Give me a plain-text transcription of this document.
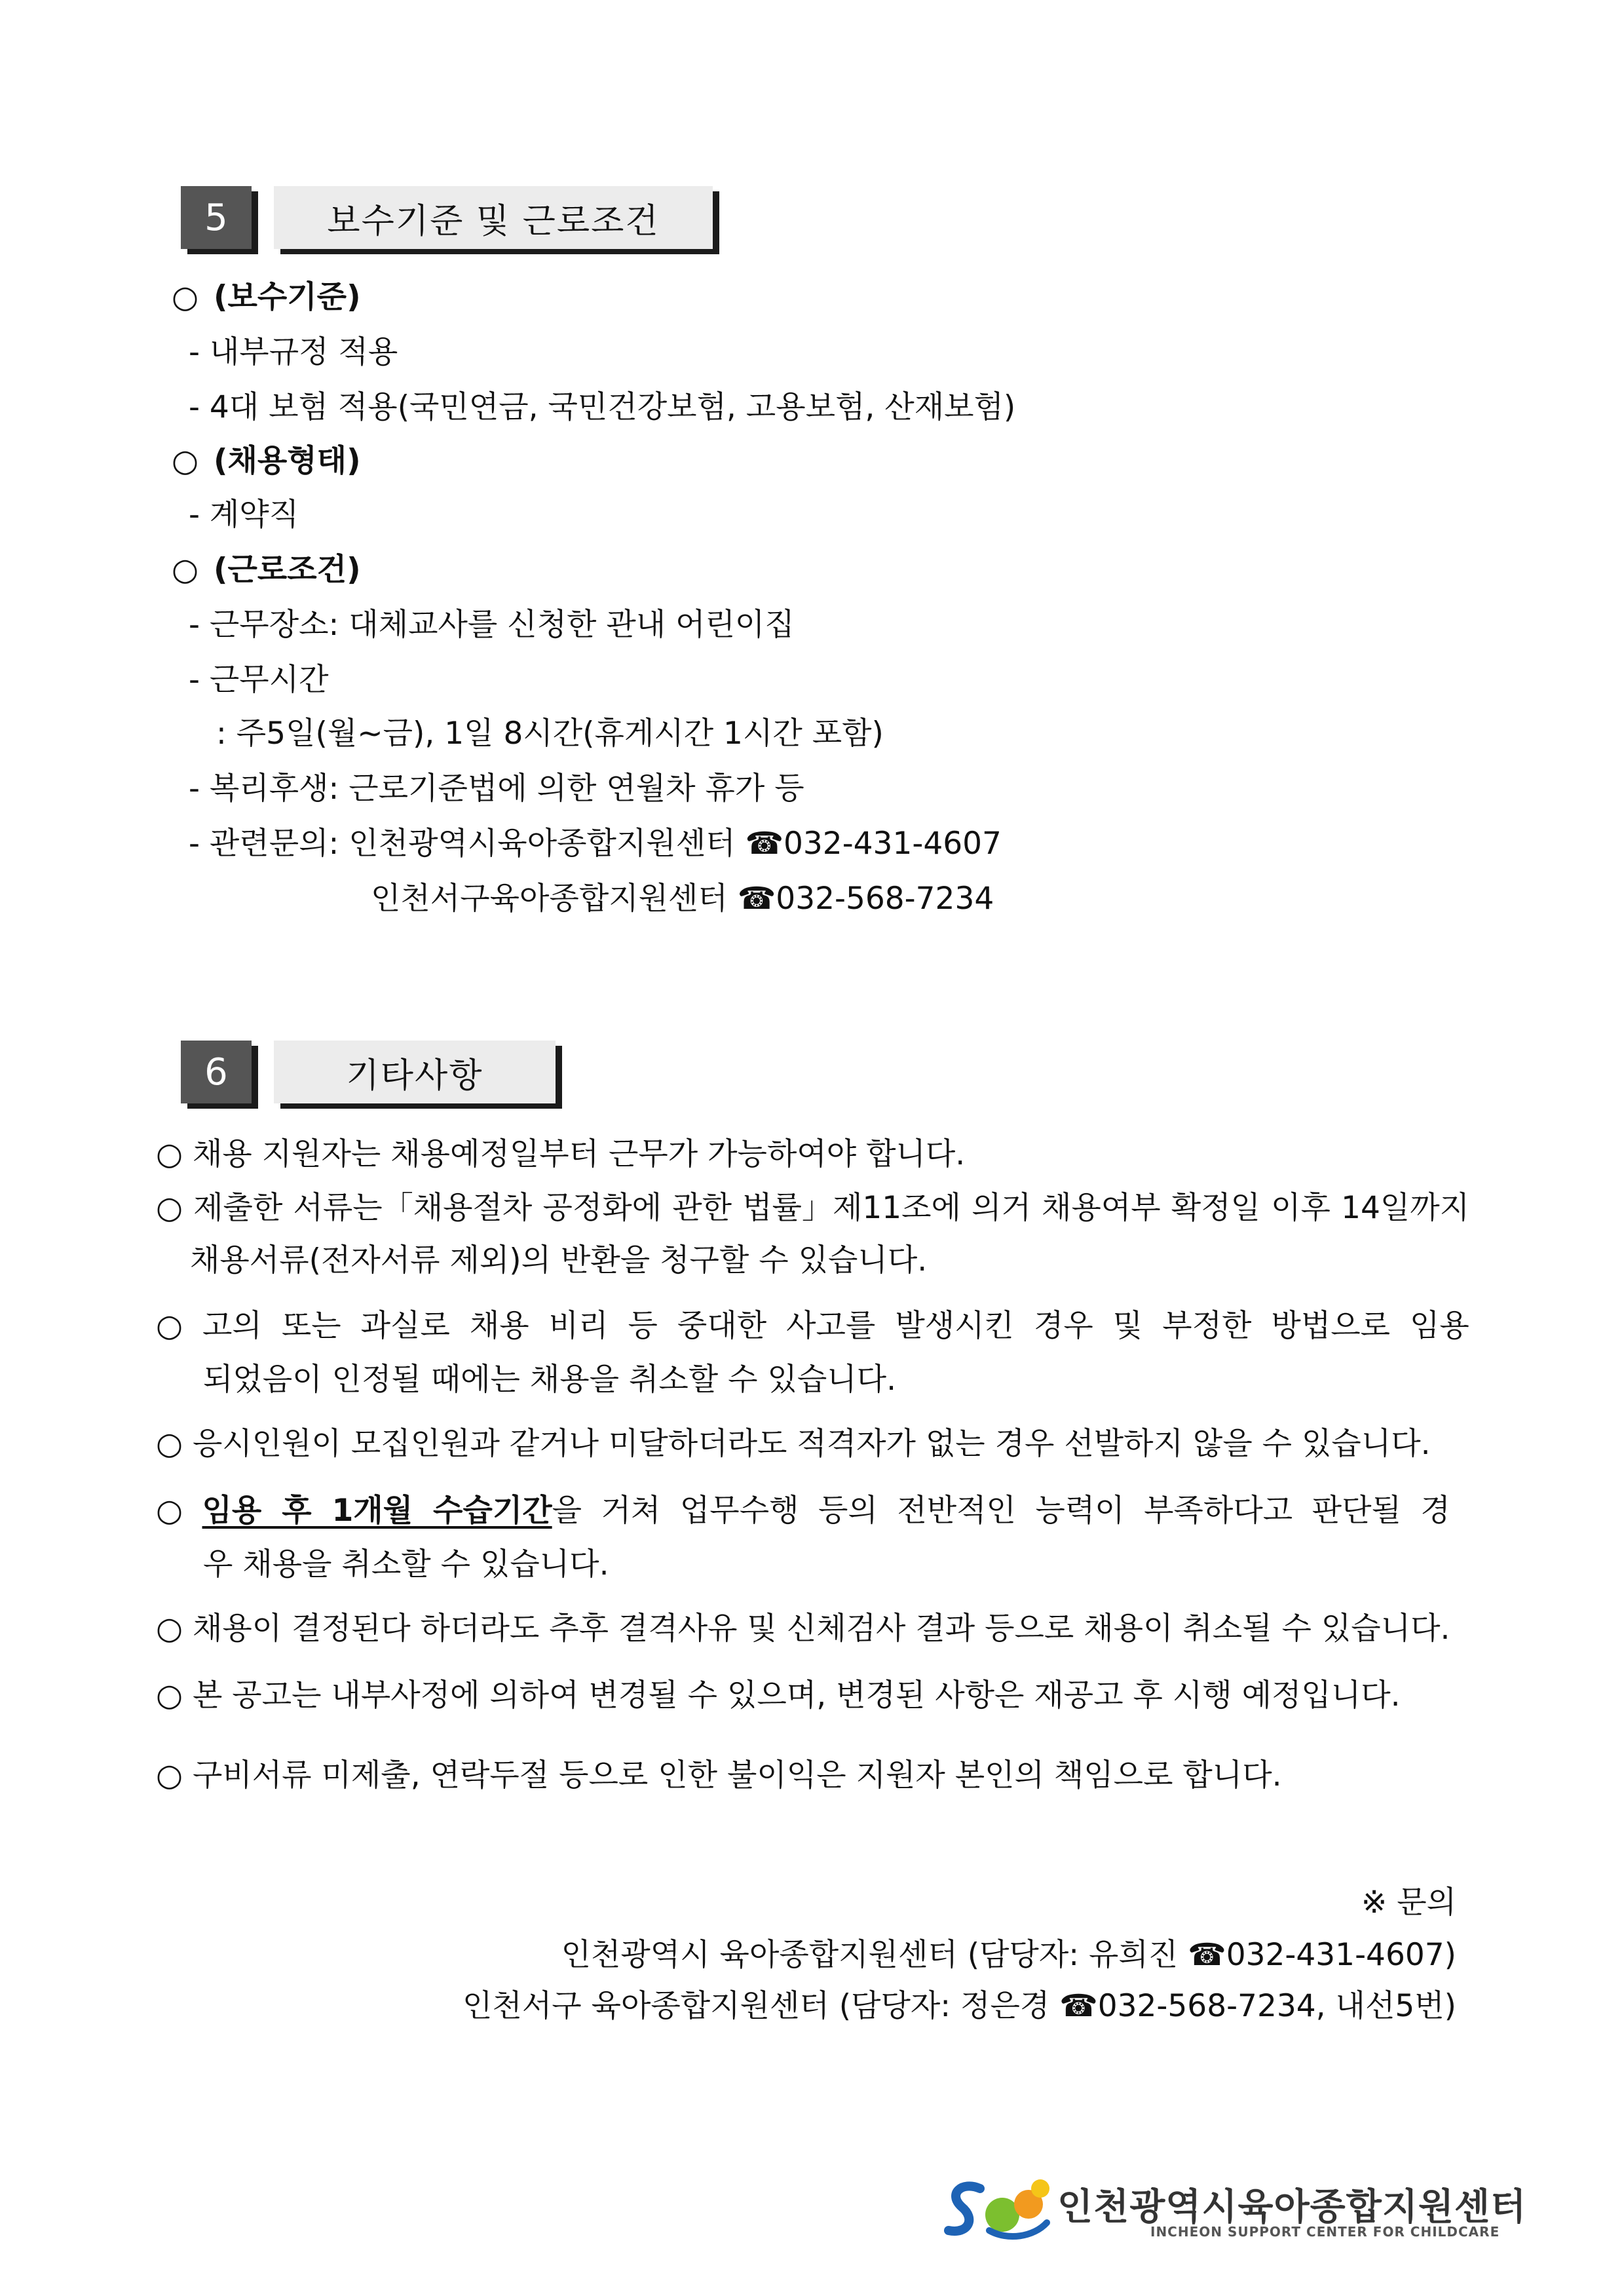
5	보수기준 및 근로조건
○ (보수기준)
- 내부규정 적용
- 4대 보험 적용(국민연금, 국민건강보험, 고용보험, 산재보험)
○ (채용형태)
- 계약직
○ (근로조건)
- 근무장소: 대체교사를 신청한 관내 어린이집
- 근무시간
: 주5일(월~금), 1일 8시간(휴게시간 1시간 포함)
- 복리후생: 근로기준법에 의한 연월차 휴가 등
- 관련문의: 인천광역시육아종합지원센터 ☎032-431-4607
인천서구육아종합지원센터 ☎032-568-7234
6	기타사항
○ 채용 지원자는 채용예정일부터 근무가 가능하여야 합니다.
○ 제출한 서류는「채용절차 공정화에 관한 법률」제11조에 의거 채용여부 확정일 이후 14일까지
채용서류(전자서류 제외)의 반환을 청구할 수 있습니다.
○ 고의 또는 과실로 채용 비리 등 중대한 사고를 발생시킨 경우 및 부정한 방법으로 임용
되었음이 인정될 때에는 채용을 취소할 수 있습니다.
○ 응시인원이 모집인원과 같거나 미달하더라도 적격자가 없는 경우 선발하지 않을 수 있습니다.
○ 임용 후 1개월 수습기간을 거쳐 업무수행 등의 전반적인 능력이 부족하다고 판단될 경
우 채용을 취소할 수 있습니다.
○ 채용이 결정된다 하더라도 추후 결격사유 및 신체검사 결과 등으로 채용이 취소될 수 있습니다.
○ 본 공고는 내부사정에 의하여 변경될 수 있으며, 변경된 사항은 재공고 후 시행 예정입니다.
○ 구비서류 미제출, 연락두절 등으로 인한 불이익은 지원자 본인의 책임으로 합니다.
※ 문의
인천광역시 육아종합지원센터 (담당자: 유희진 ☎032-431-4607)
인천서구 육아종합지원센터 (담당자: 정은경 ☎032-568-7234, 내선5번)
인천광역시육아종합지원센터
INCHEON SUPPORT CENTER FOR CHILDCARE
